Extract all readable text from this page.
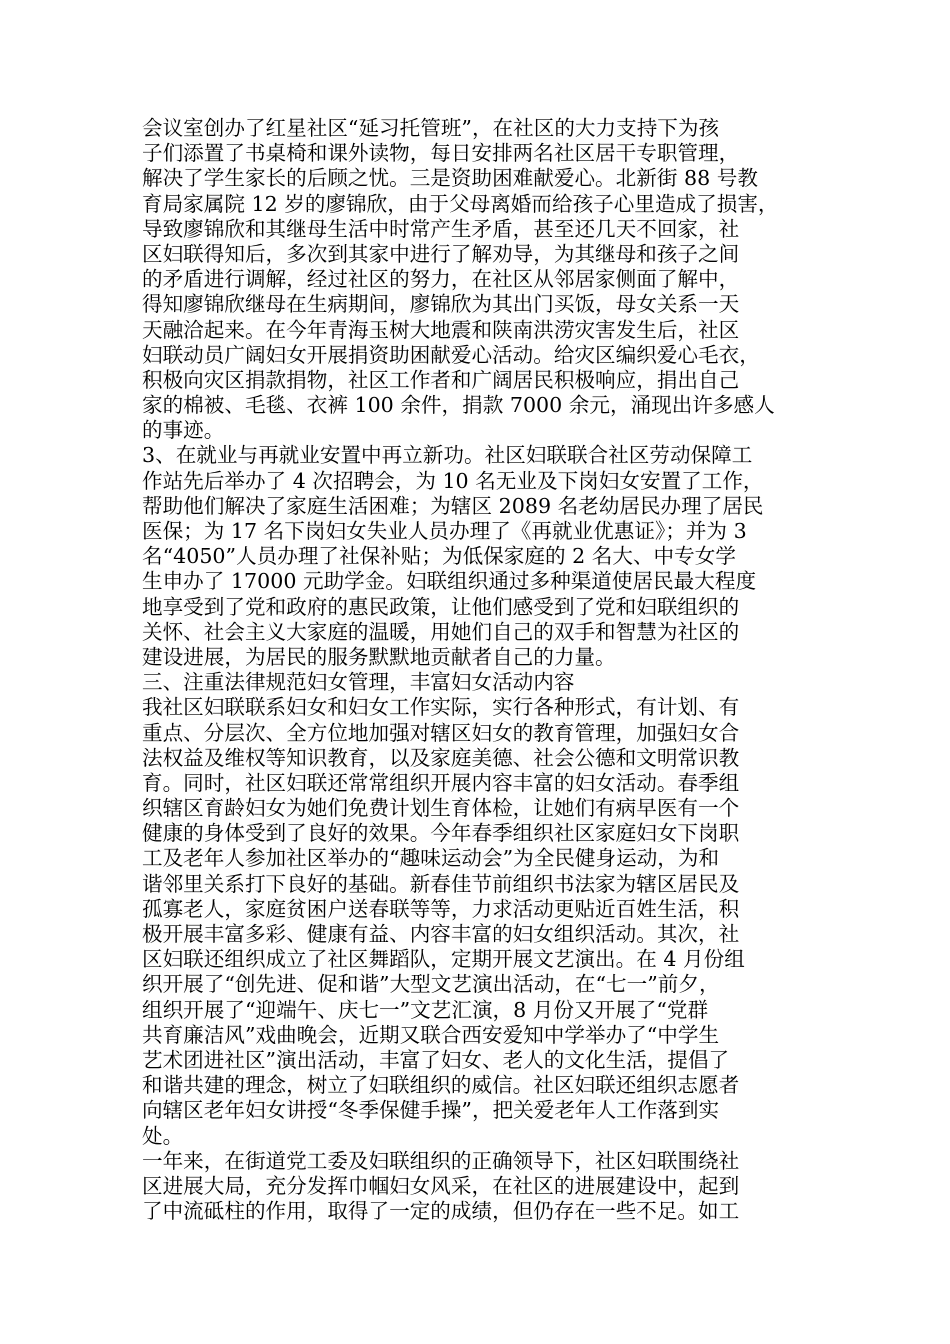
会议室创办了红星社区“延习托管班”，在社区的大力支持下为孩
子们添置了书桌椅和课外读物，每日安排两名社区居干专职管理，
解决了学生家长的后顾之忧。三是资助困难献爱心。北新街 88 号教
育局家属院 12 岁的廖锦欣，由于父母离婚而给孩子心里造成了损害，
导致廖锦欣和其继母生活中时常产生矛盾，甚至还几天不回家，社
区妇联得知后，多次到其家中进行了解劝导，为其继母和孩子之间
的矛盾进行调解，经过社区的努力，在社区从邻居家侧面了解中，
得知廖锦欣继母在生病期间，廖锦欣为其出门买饭，母女关系一天
天融洽起来。在今年青海玉树大地震和陕南洪涝灾害发生后，社区
妇联动员广阔妇女开展捐资助困献爱心活动。给灾区编织爱心毛衣，
积极向灾区捐款捐物，社区工作者和广阔居民积极响应，捐出自己
家的棉被、毛毯、衣裤 100 余件，捐款 7000 余元，涌现出许多感人
的事迹。
3、在就业与再就业安置中再立新功。社区妇联联合社区劳动保障工
作站先后举办了 4 次招聘会，为 10 名无业及下岗妇女安置了工作，
帮助他们解决了家庭生活困难；为辖区 2089 名老幼居民办理了居民
医保；为 17 名下岗妇女失业人员办理了《再就业优惠证》；并为 3
名“4050”人员办理了社保补贴；为低保家庭的 2 名大、中专女学
生申办了 17000 元助学金。妇联组织通过多种渠道使居民最大程度
地享受到了党和政府的惠民政策，让他们感受到了党和妇联组织的
关怀、社会主义大家庭的温暖，用她们自己的双手和智慧为社区的
建设进展，为居民的服务默默地贡献者自己的力量。
三、注重法律规范妇女管理，丰富妇女活动内容
我社区妇联联系妇女和妇女工作实际，实行各种形式，有计划、有
重点、分层次、全方位地加强对辖区妇女的教育管理，加强妇女合
法权益及维权等知识教育，以及家庭美德、社会公德和文明常识教
育。同时，社区妇联还常常组织开展内容丰富的妇女活动。春季组
织辖区育龄妇女为她们免费计划生育体检，让她们有病早医有一个
健康的身体受到了良好的效果。今年春季组织社区家庭妇女下岗职
工及老年人参加社区举办的“趣味运动会”为全民健身运动，为和
谐邻里关系打下良好的基础。新春佳节前组织书法家为辖区居民及
孤寡老人，家庭贫困户送春联等等，力求活动更贴近百姓生活，积
极开展丰富多彩、健康有益、内容丰富的妇女组织活动。其次，社
区妇联还组织成立了社区舞蹈队，定期开展文艺演出。在 4 月份组
织开展了“创先进、促和谐”大型文艺演出活动，在“七一”前夕，
组织开展了“迎端午、庆七一”文艺汇演，8 月份又开展了“党群
共育廉洁风”戏曲晚会，近期又联合西安爱知中学举办了“中学生
艺术团进社区”演出活动，丰富了妇女、老人的文化生活，提倡了
和谐共建的理念，树立了妇联组织的威信。社区妇联还组织志愿者
向辖区老年妇女讲授“冬季保健手操”，把关爱老年人工作落到实
处。
一年来，在街道党工委及妇联组织的正确领导下，社区妇联围绕社
区进展大局，充分发挥巾帼妇女风采，在社区的进展建设中，起到
了中流砥柱的作用，取得了一定的成绩，但仍存在一些不足。如工
